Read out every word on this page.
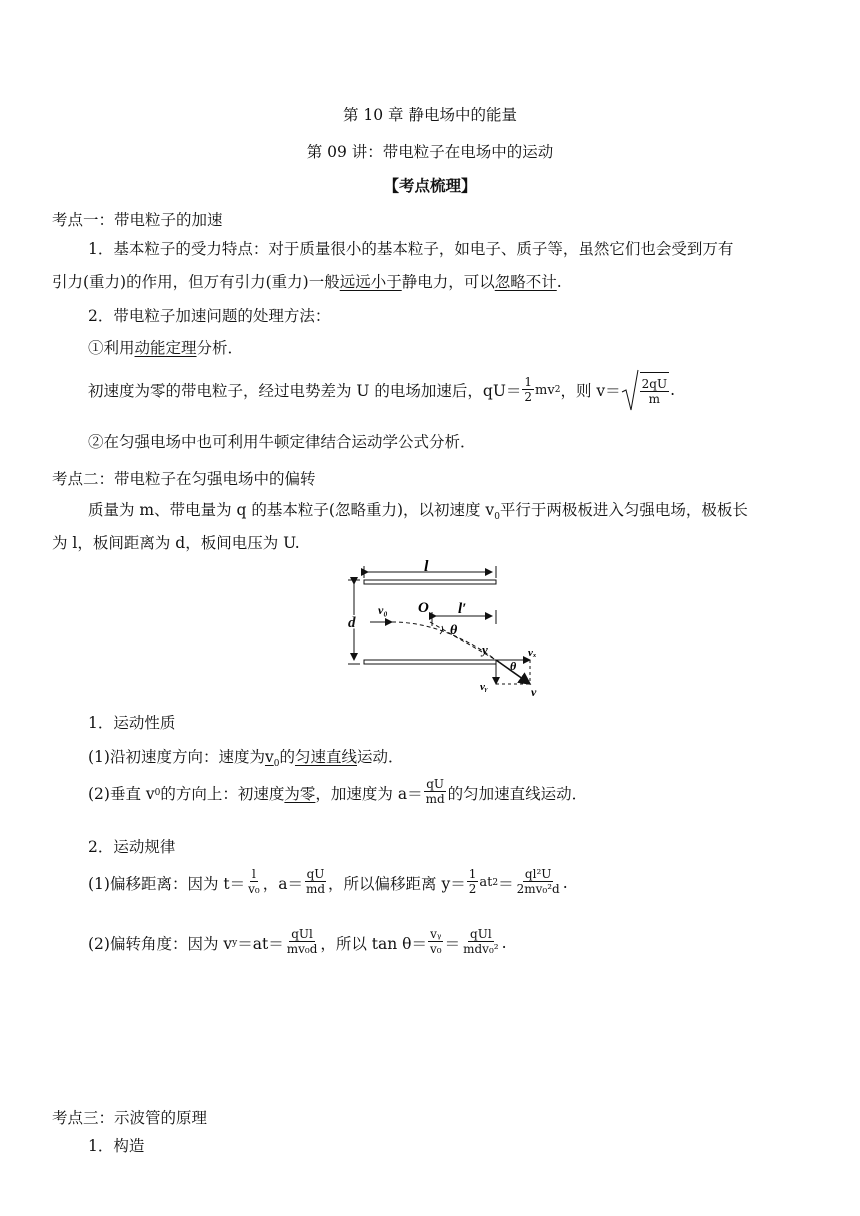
第 10 章 静电场中的能量
第 09 讲：带电粒子在电场中的运动
【考点梳理】
考点一：带电粒子的加速
1．基本粒子的受力特点：对于质量很小的基本粒子，如电子、质子等，虽然它们也会受到万有
引力(重力)的作用，但万有引力(重力)一般远远小于静电力，可以忽略不计.
2．带电粒子加速问题的处理方法：
①利用动能定理分析．
初速度为零的带电粒子，经过电势差为 U 的电场加速后，$qU= \frac{1}{2}$ mv 2 ，则 $v= \frac{2qU}{m}$ .
②在匀强电场中也可利用牛顿定律结合运动学公式分析．
考点二：带电粒子在匀强电场中的偏转
质量为 m、带电量为 q 的基本粒子(忽略重力)，以初速度 $v_0$平行于两极板进入匀强电场，极板长
为 l，板间距离为 d，板间电压为 U.
l
d
v₀ O l′
θ
y	vₓ
vᵧ	v
θ
1．运动性质
(1)沿初速度方向：速度为$v_0$的匀速直线运动．
(2)垂直 v 0 的方向上：初速度 为零 ，加速度为 $a= \frac{qU}{md}$ 的匀加速直线运动．
2．运动规律
(1)偏移距离：因为 $t= \frac{l}{\text{v₀}}$ ，$a= \frac{qU}{md}$ ，所以偏移距离 $y= \frac{1}{2}$ at $2 = \frac{\text{ql²U}}{\text{2mv₀²d}}$ .
(2)偏转角度：因为 v $y =at= \frac{\text{qUl}}{\text{mv₀d}}$ ，所以 $\tan \theta= \frac{\text{vᵧ}}{\text{v₀}} = \frac{\text{qUl}}{\text{mdv₀²}}$ .
考点三：示波管的原理
1．构造
